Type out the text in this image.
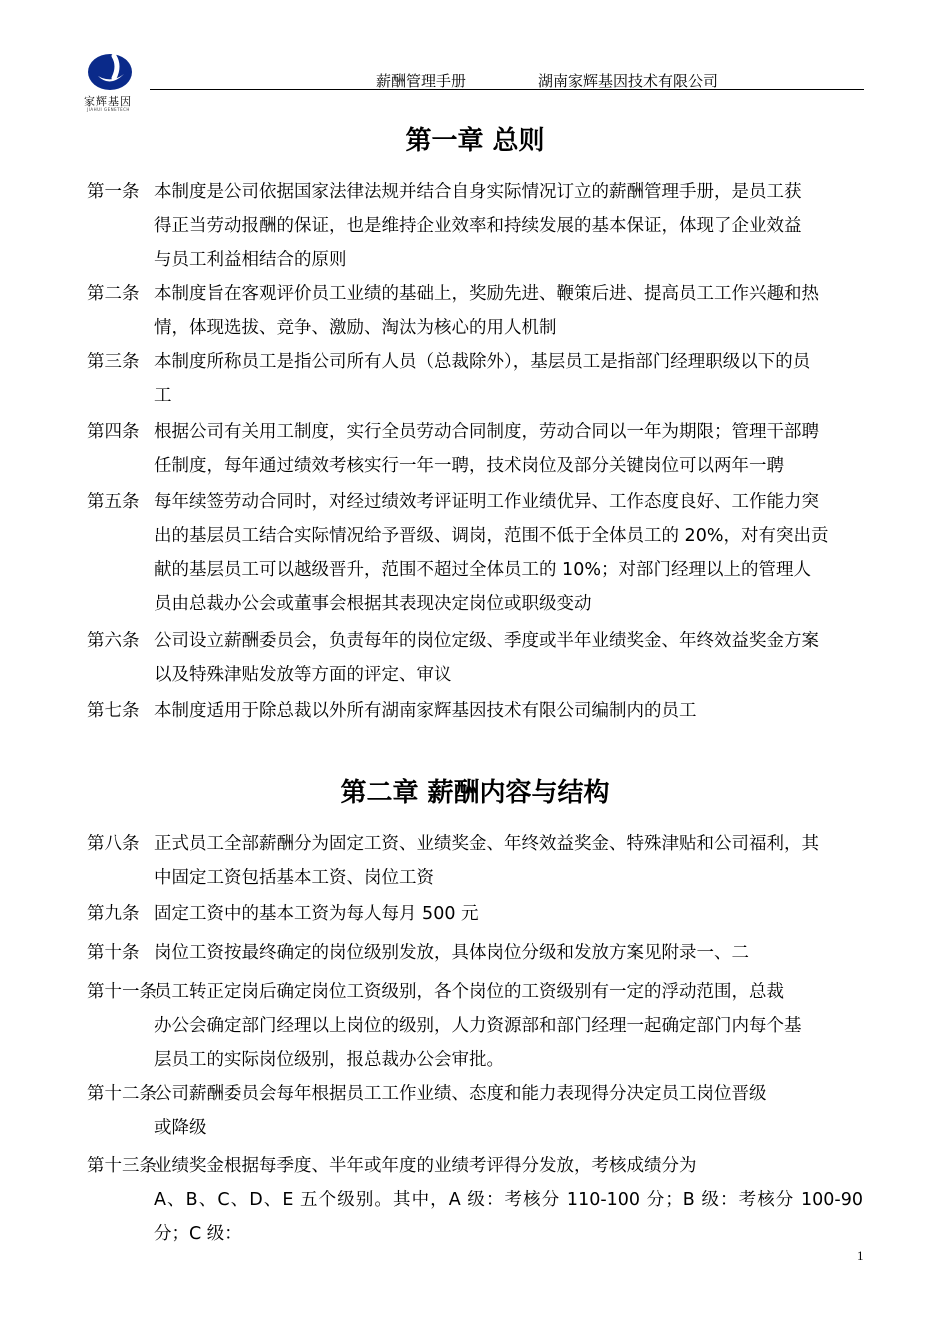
家辉基因
JIAHUI GENETECH
薪酬管理手册	湖南家辉基因技术有限公司
第一章 总则
第一条 本制度是公司依据国家法律法规并结合自身实际情况订立的薪酬管理手册，是员工获
得正当劳动报酬的保证，也是维持企业效率和持续发展的基本保证，体现了企业效益
与员工利益相结合的原则
第二条 本制度旨在客观评价员工业绩的基础上，奖励先进、鞭策后进、提高员工工作兴趣和热
情，体现选拔、竞争、激励、淘汰为核心的用人机制
第三条 本制度所称员工是指公司所有人员（总裁除外），基层员工是指部门经理职级以下的员
工
第四条 根据公司有关用工制度，实行全员劳动合同制度，劳动合同以一年为期限；管理干部聘
任制度，每年通过绩效考核实行一年一聘，技术岗位及部分关键岗位可以两年一聘
第五条 每年续签劳动合同时，对经过绩效考评证明工作业绩优异、工作态度良好、工作能力突
出的基层员工结合实际情况给予晋级、调岗，范围不低于全体员工的 20%，对有突出贡
献的基层员工可以越级晋升，范围不超过全体员工的 10%；对部门经理以上的管理人
员由总裁办公会或董事会根据其表现决定岗位或职级变动
第六条 公司设立薪酬委员会，负责每年的岗位定级、季度或半年业绩奖金、年终效益奖金方案
以及特殊津贴发放等方面的评定、审议
第七条 本制度适用于除总裁以外所有湖南家辉基因技术有限公司编制内的员工
第二章 薪酬内容与结构
第八条 正式员工全部薪酬分为固定工资、业绩奖金、年终效益奖金、特殊津贴和公司福利，其
中固定工资包括基本工资、岗位工资
第九条 固定工资中的基本工资为每人每月 500 元
第十条 岗位工资按最终确定的岗位级别发放，具体岗位分级和发放方案见附录一、二
第十一条
员工转正定岗后确定岗位工资级别，各个岗位的工资级别有一定的浮动范围，总裁
办公会确定部门经理以上岗位的级别，人力资源部和部门经理一起确定部门内每个基
层员工的实际岗位级别，报总裁办公会审批。
第十二条
公司薪酬委员会每年根据员工工作业绩、态度和能力表现得分决定员工岗位晋级
或降级
第十三条
业绩奖金根据每季度、半年或年度的业绩考评得分发放，考核成绩分为
A、B、C、D、E 五个级别。其中，A 级：考核分 110-100 分；B 级：考核分 100-90 分；C 级：
1
